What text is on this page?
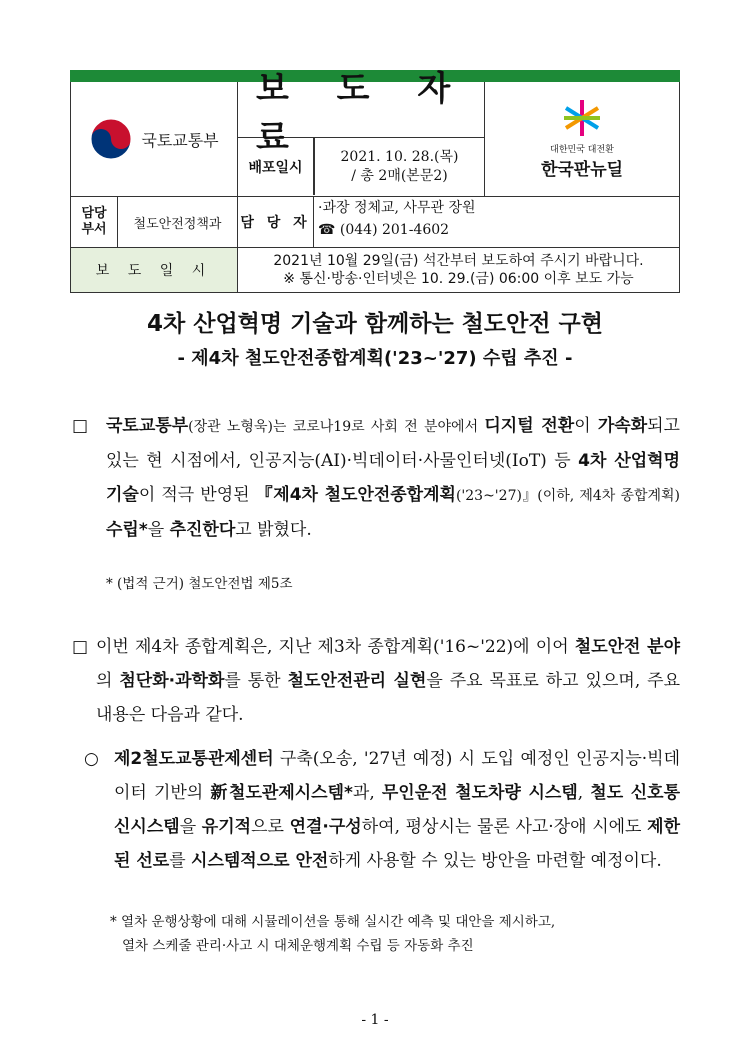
국토교통부
보 도 자 료
배포일시
2021. 10. 28.(목)
/ 총 2매(본문2)
대한민국 대전환
한국판뉴딜
담당
부서	철도안전정책과	담 당 자
·과장 정체교, 사무관 장원
☎ (044) 201-4602
보 도 일 시
2021년 10월 29일(금) 석간부터 보도하여 주시기 바랍니다.
※ 통신·방송·인터넷은 10. 29.(금) 06:00 이후 보도 가능
4차 산업혁명 기술과 함께하는 철도안전 구현
- 제4차 철도안전종합계획('23~'27) 수립 추진 -
□ 국토교통부(장관 노형욱)는 코로나19로 사회 전 분야에서 디지털 전환이 가속화되고 있는 현 시점에서, 인공지능(AI)·빅데이터·사물인터넷(IoT) 등 4차 산업혁명 기술이 적극 반영된 『제4차 철도안전종합계획('23~'27)』(이하, 제4차 종합계획) 수립*을 추진한다고 밝혔다.
* (법적 근거) 철도안전법 제5조
□ 이번 제4차 종합계획은, 지난 제3차 종합계획('16~'22)에 이어 철도안전 분야의 첨단화·과학화를 통한 철도안전관리 실현을 주요 목표로 하고 있으며, 주요 내용은 다음과 같다.
○ 제2철도교통관제센터 구축(오송, '27년 예정) 시 도입 예정인 인공지능·빅데이터 기반의 新철도관제시스템*과, 무인운전 철도차량 시스템, 철도 신호통신시스템을 유기적으로 연결·구성하여, 평상시는 물론 사고·장애 시에도 제한된 선로를 시스템적으로 안전하게 사용할 수 있는 방안을 마련할 예정이다.
* 열차 운행상황에 대해 시뮬레이션을 통해 실시간 예측 및 대안을 제시하고,
열차 스케줄 관리·사고 시 대체운행계획 수립 등 자동화 추진
- 1 -
